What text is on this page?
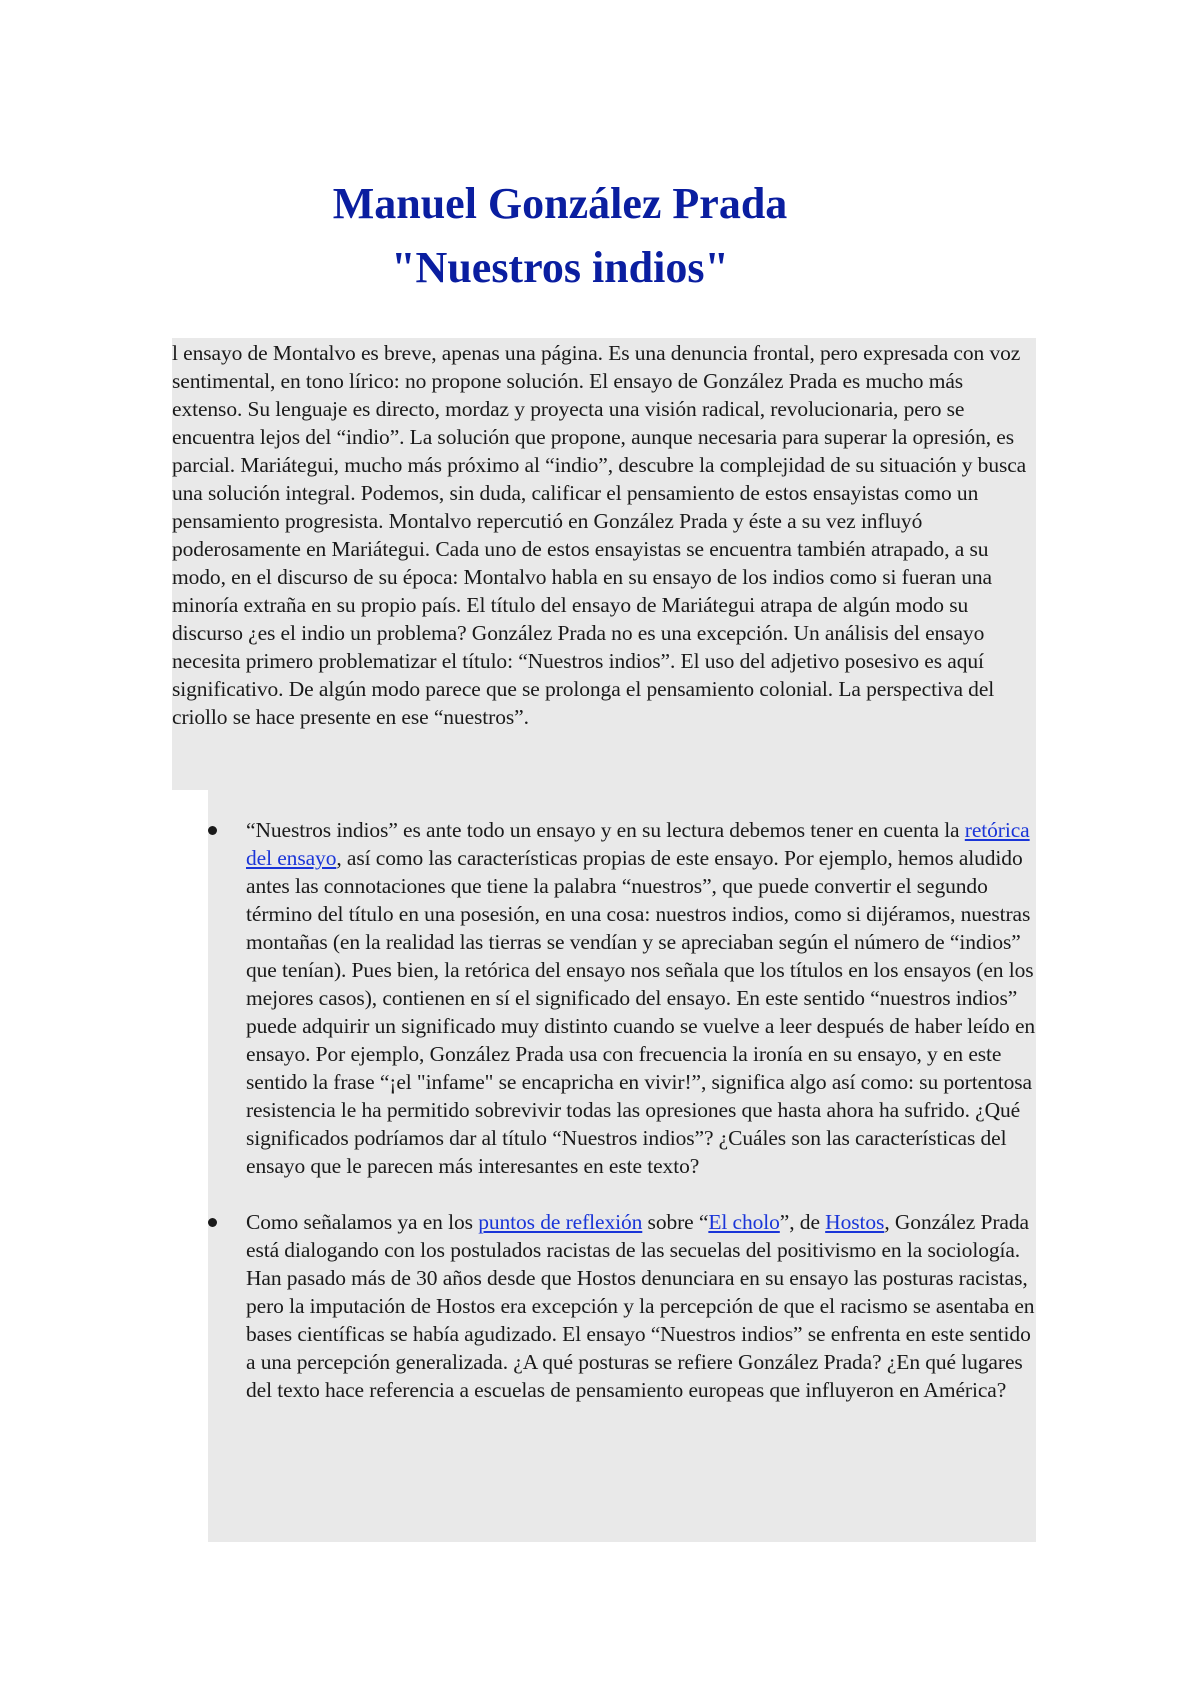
Manuel González Prada
"Nuestros indios"

l ensayo de Montalvo es breve, apenas una página. Es una denuncia frontal, pero expresada con voz sentimental, en tono lírico: no propone solución. El ensayo de González Prada es mucho más extenso. Su lenguaje es directo, mordaz y proyecta una visión radical, revolucionaria, pero se encuentra lejos del “indio”. La solución que propone, aunque necesaria para superar la opresión, es parcial. Mariátegui, mucho más próximo al “indio”, descubre la complejidad de su situación y busca una solución integral. Podemos, sin duda, calificar el pensamiento de estos ensayistas como un pensamiento progresista. Montalvo repercutió en González Prada y éste a su vez influyó poderosamente en Mariátegui. Cada uno de estos ensayistas se encuentra también atrapado, a su modo, en el discurso de su época: Montalvo habla en su ensayo de los indios como si fueran una minoría extraña en su propio país. El título del ensayo de Mariátegui atrapa de algún modo su discurso ¿es el indio un problema? González Prada no es una excepción. Un análisis del ensayo necesita primero problematizar el título: “Nuestros indios”. El uso del adjetivo posesivo es aquí significativo. De algún modo parece que se prolonga el pensamiento colonial. La perspectiva del criollo se hace presente en ese “nuestros”.

“Nuestros indios” es ante todo un ensayo y en su lectura debemos tener en cuenta la retórica del ensayo, así como las características propias de este ensayo. Por ejemplo, hemos aludido antes las connotaciones que tiene la palabra “nuestros”, que puede convertir el segundo término del título en una posesión, en una cosa: nuestros indios, como si dijéramos, nuestras montañas (en la realidad las tierras se vendían y se apreciaban según el número de “indios” que tenían). Pues bien, la retórica del ensayo nos señala que los títulos en los ensayos (en los mejores casos), contienen en sí el significado del ensayo. En este sentido “nuestros indios” puede adquirir un significado muy distinto cuando se vuelve a leer después de haber leído en ensayo. Por ejemplo, González Prada usa con frecuencia la ironía en su ensayo, y en este sentido la frase “¡el "infame" se encapricha en vivir!”, significa algo así como: su portentosa resistencia le ha permitido sobrevivir todas las opresiones que hasta ahora ha sufrido. ¿Qué significados podríamos dar al título “Nuestros indios”? ¿Cuáles son las características del ensayo que le parecen más interesantes en este texto?
Como señalamos ya en los puntos de reflexión sobre “El cholo”, de Hostos, González Prada está dialogando con los postulados racistas de las secuelas del positivismo en la sociología. Han pasado más de 30 años desde que Hostos denunciara en su ensayo las posturas racistas, pero la imputación de Hostos era excepción y la percepción de que el racismo se asentaba en bases científicas se había agudizado. El ensayo “Nuestros indios” se enfrenta en este sentido a una percepción generalizada. ¿A qué posturas se refiere González Prada? ¿En qué lugares del texto hace referencia a escuelas de pensamiento europeas que influyeron en América?
